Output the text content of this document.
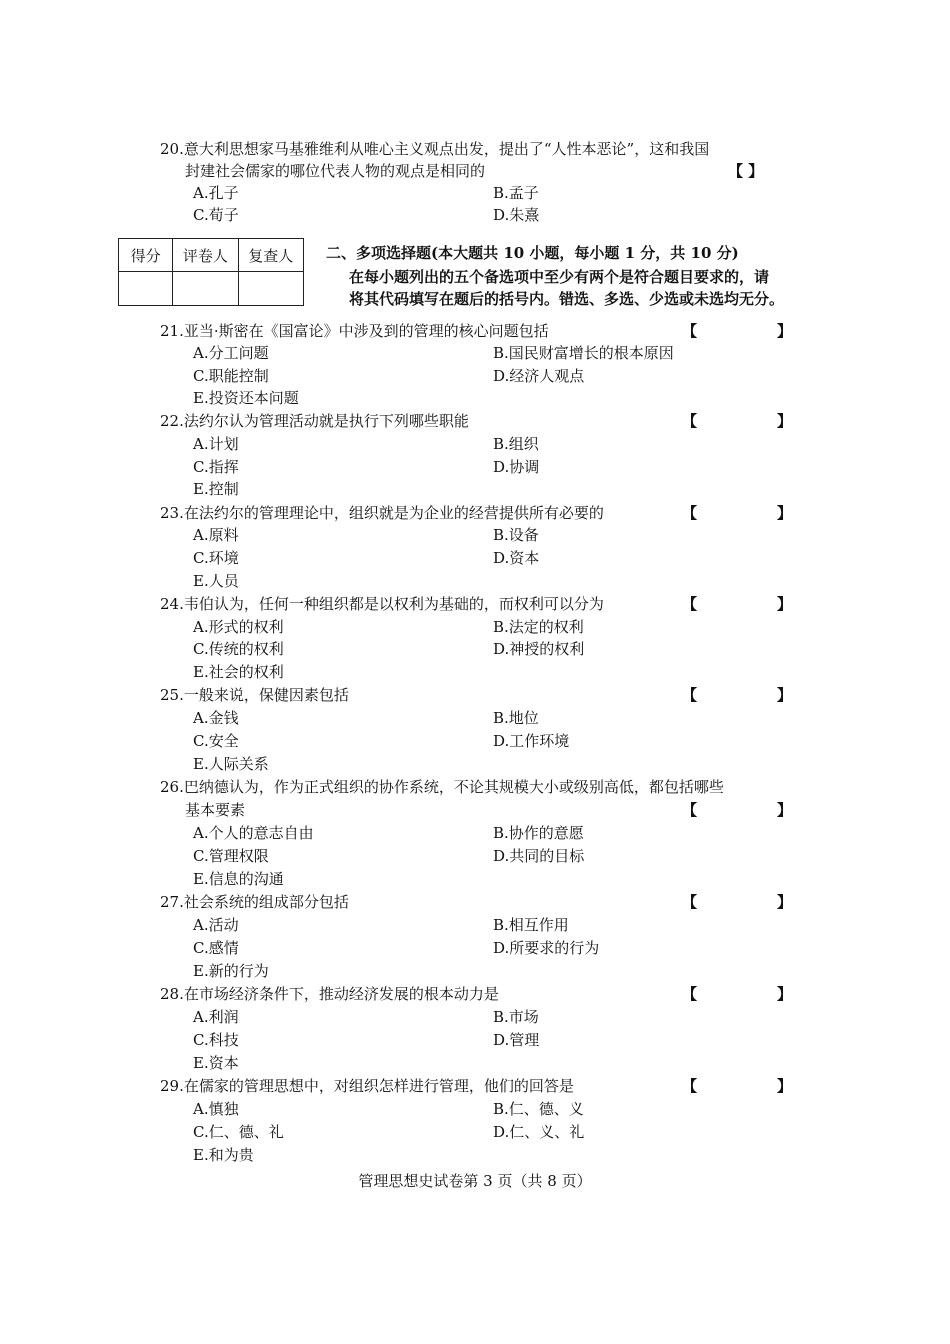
20.意大利思想家马基雅维利从唯心主义观点出发，提出了“人性本恶论”，这和我国
封建社会儒家的哪位代表人物的观点是相同的	【 】
A.孔子	B.孟子
C.荀子	D.朱熹
得分	评卷人	复查人
		二、多项选择题(本大题共 10 小题，每小题 1 分，共 10 分)
在每小题列出的五个备选项中至少有两个是符合题目要求的，请
将其代码填写在题后的括号内。错选、多选、少选或未选均无分。
21.亚当·斯密在《国富论》中涉及到的管理的核心问题包括	【	】
A.分工问题	B.国民财富增长的根本原因
C.职能控制	D.经济人观点
E.投资还本问题
22.法约尔认为管理活动就是执行下列哪些职能	【	】
A.计划	B.组织
C.指挥	D.协调
E.控制
23.在法约尔的管理理论中，组织就是为企业的经营提供所有必要的	【	】
A.原料	B.设备
C.环境	D.资本
E.人员
24.韦伯认为，任何一种组织都是以权利为基础的，而权利可以分为	【	】
A.形式的权利	B.法定的权利
C.传统的权利	D.神授的权利
E.社会的权利
25.一般来说，保健因素包括	【	】
A.金钱	B.地位
C.安全	D.工作环境
E.人际关系
26.巴纳德认为，作为正式组织的协作系统，不论其规模大小或级别高低，都包括哪些
基本要素	【	】
A.个人的意志自由	B.协作的意愿
C.管理权限	D.共同的目标
E.信息的沟通
27.社会系统的组成部分包括	【	】
A.活动	B.相互作用
C.感情	D.所要求的行为
E.新的行为
28.在市场经济条件下，推动经济发展的根本动力是	【	】
A.利润	B.市场
C.科技	D.管理
E.资本
29.在儒家的管理思想中，对组织怎样进行管理，他们的回答是	【	】
A.慎独	B.仁、德、义
C.仁、德、礼	D.仁、义、礼
E.和为贵
管理思想史试卷第 3 页（共 8 页）
